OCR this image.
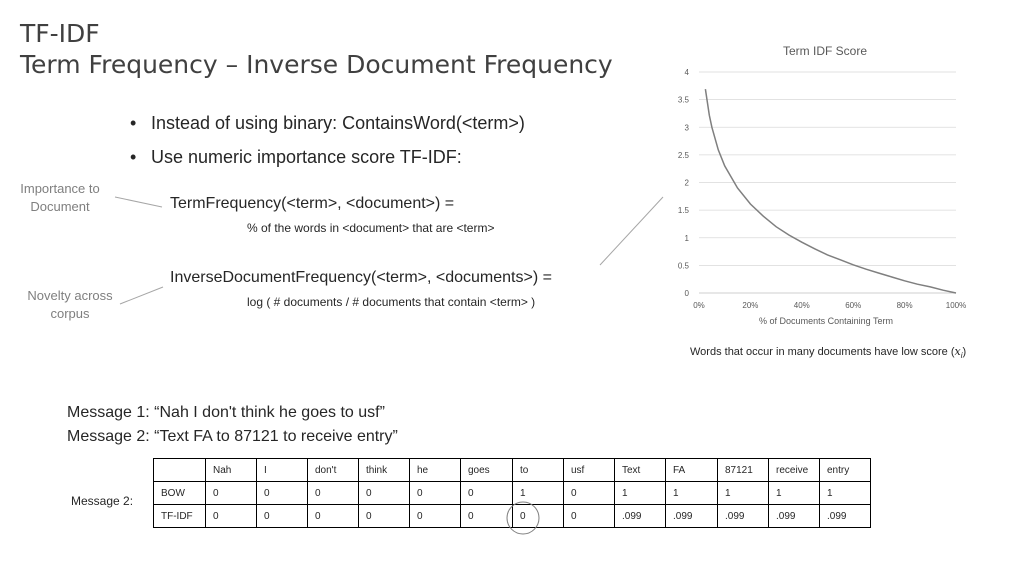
TF-IDF
Term Frequency – Inverse Document Frequency
• Instead of using binary: ContainsWord(<term>)
• Use numeric importance score TF-IDF:
Importance to
Document
Novelty across
corpus
TermFrequency(<term>, <document>) =
% of the words in <document> that are <term>
InverseDocumentFrequency(<term>, <documents>) =
log ( # documents / # documents that contain <term> )
Term IDF Score
0
0.5
1
1.5
2
2.5
3
3.5
4
0%	20%	40%	60%	80%	100%
% of Documents Containing Term
Words that occur in many documents have low score $(x_i)$
Message 1: “Nah I don't think he goes to usf”
Message 2: “Text FA to 87121 to receive entry”
Message 2:
	Nah	I	don't	think	he	goes	to	usf	Text	FA	87121	receive	entry
BOW	0	0	0	0	0	0	1	0	1	1	1	1	1
TF-IDF	0	0	0	0	0	0	0	0	.099	.099	.099	.099	.099
